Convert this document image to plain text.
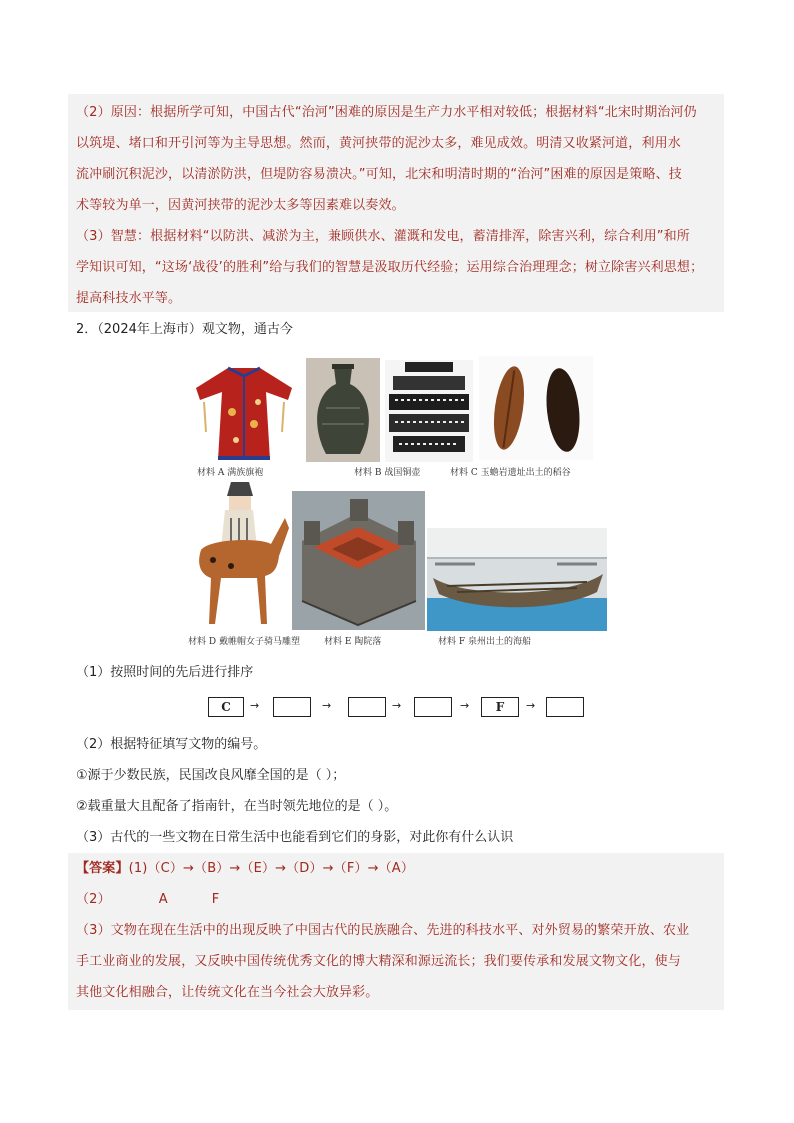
（2）原因：根据所学可知，中国古代“治河”困难的原因是生产力水平相对较低；根据材料“北宋时期治河仍
以筑堤、堵口和开引河等为主导思想。然而，黄河挟带的泥沙太多，难见成效。明清又收紧河道，利用水
流冲刷沉积泥沙，以清淤防洪，但堤防容易溃决。”可知，北宋和明清时期的“治河”困难的原因是策略、技
术等较为单一，因黄河挟带的泥沙太多等因素难以奏效。
（3）智慧：根据材料“以防洪、减淤为主，兼顾供水、灌溉和发电，蓄清排浑，除害兴利，综合利用”和所
学知识可知，“这场‘战役’的胜利”给与我们的智慧是汲取历代经验；运用综合治理理念；树立除害兴利思想；
提高科技水平等。
2．（2024年上海市）观文物，通古今
材料 A 满族旗袍	材料 B 战国铜壶	材料 C 玉蟾岩遗址出土的稻谷
材料 D 戴帷帽女子骑马雕塑	材料 E 陶院落	材料 F 泉州出土的海船
（1）按照时间的先后进行排序
C	→	→	→	→	F	→
（2）根据特征填写文物的编号。
①源于少数民族，民国改良风靡全国的是（ ）；
②载重量大且配备了指南针，在当时领先地位的是（ ）。
（3）古代的一些文物在日常生活中也能看到它们的身影，对此你有什么认识
【答案】(1)（C）→（B）→（E）→（D）→（F）→（A）
（2）	A	F
（3）文物在现在生活中的出现反映了中国古代的民族融合、先进的科技水平、对外贸易的繁荣开放、农业
手工业商业的发展，又反映中国传统优秀文化的博大精深和源远流长；我们要传承和发展文物文化，使与
其他文化相融合，让传统文化在当今社会大放异彩。
